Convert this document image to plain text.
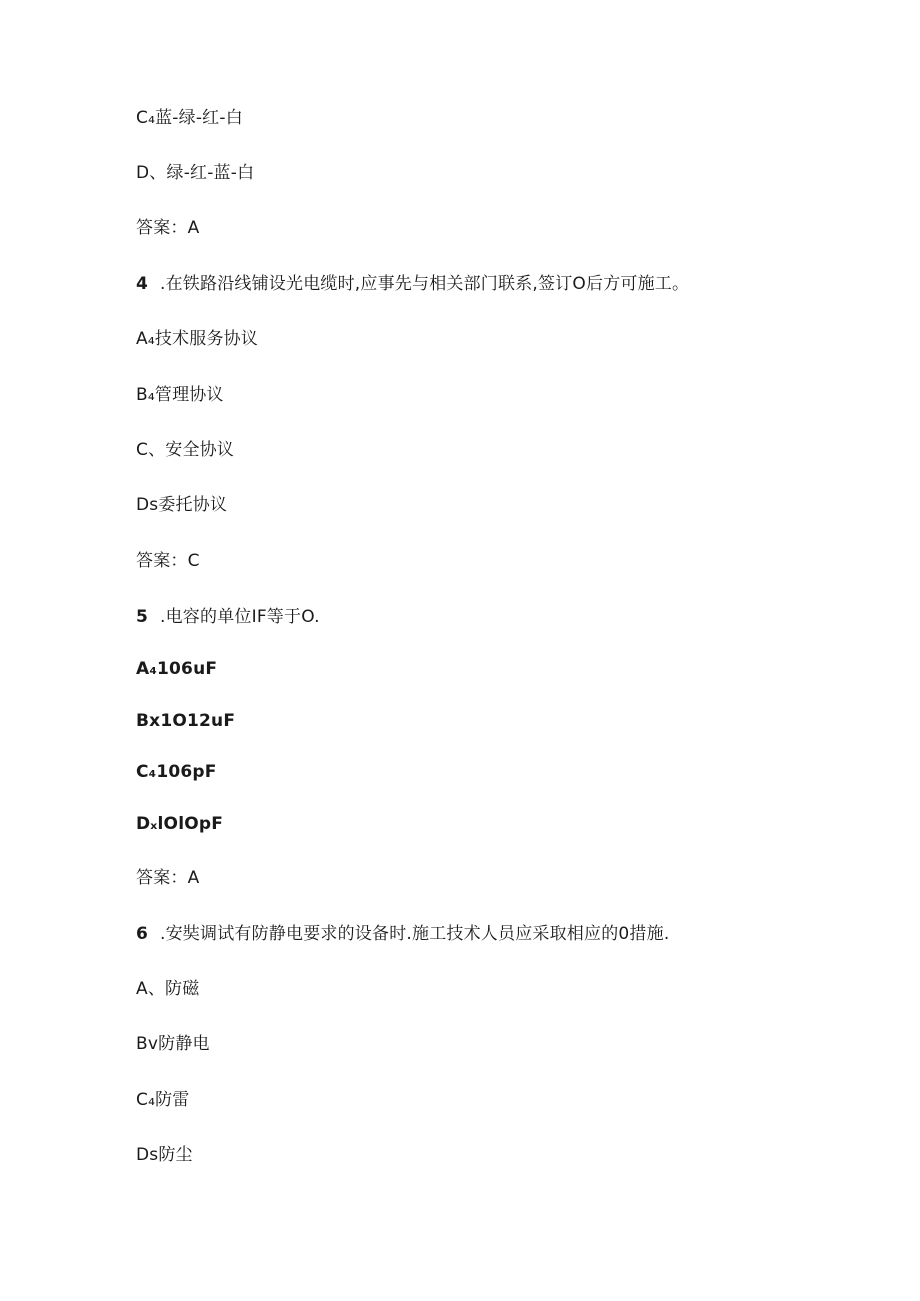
C₄蓝-绿-红-白
D、绿-红-蓝-白
答案：A
4 .在铁路沿线铺设光电缆时,应事先与相关部门联系,签订O后方可施工。
A₄技术服务协议
B₄管理协议
C、安全协议
Ds委托协议
答案：C
5 .电容的单位IF等于O.
A₄106uF
Bx1O12uF
C₄106pF
DₓlOlOpF
答案：A
6 .安奘调试有防静电要求的设备时.施工技术人员应采取相应的0措施.
A、防磁
Bv防静电
C₄防雷
Ds防尘
